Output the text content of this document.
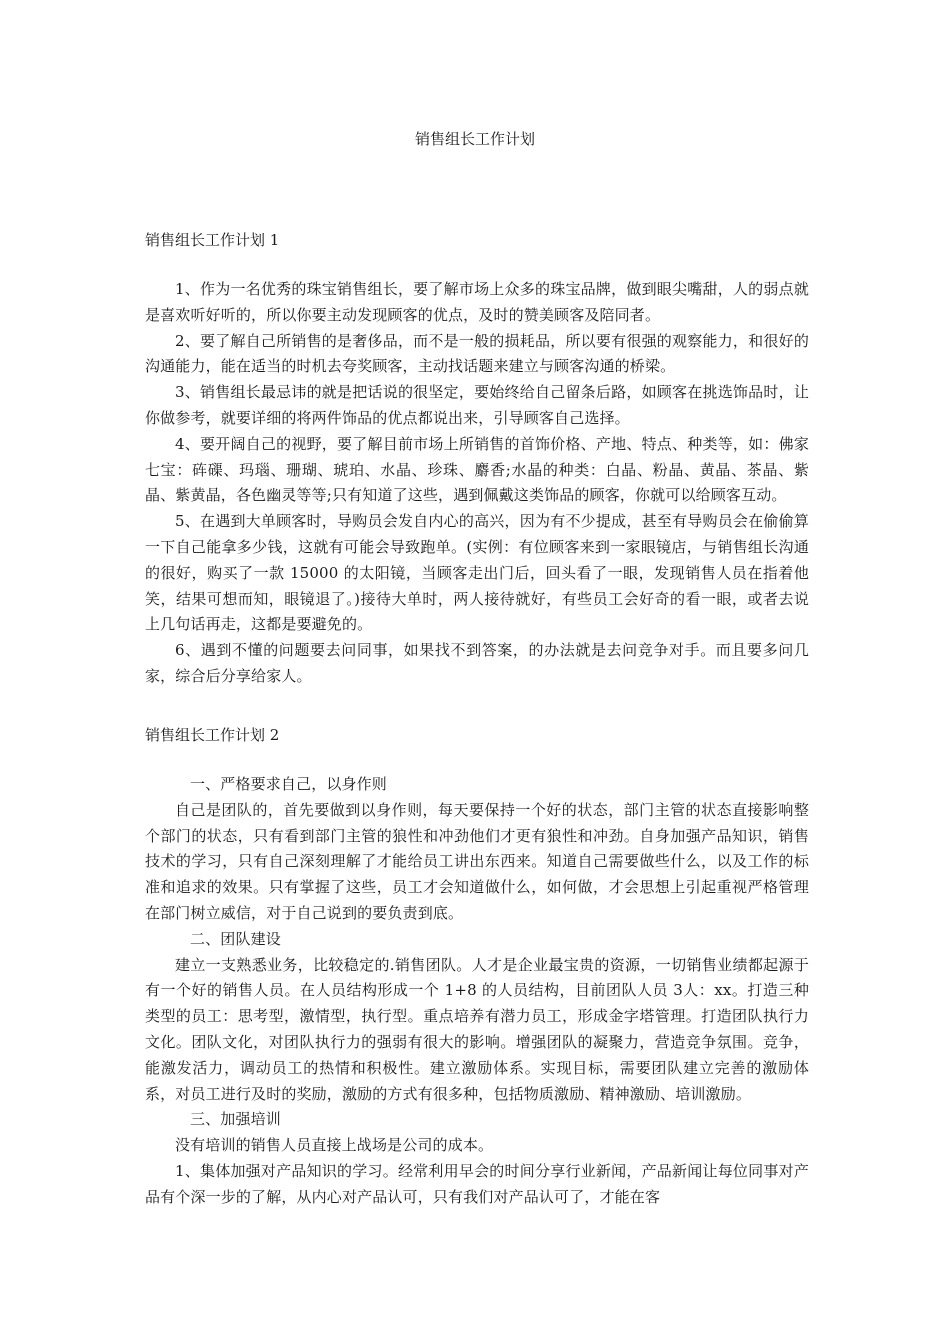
销售组长工作计划
销售组长工作计划 1

1、作为一名优秀的珠宝销售组长，要了解市场上众多的珠宝品牌，做到眼尖嘴甜，人的弱点就是喜欢听好听的，所以你要主动发现顾客的优点，及时的赞美顾客及陪同者。

2、要了解自己所销售的是奢侈品，而不是一般的损耗品，所以要有很强的观察能力，和很好的沟通能力，能在适当的时机去夸奖顾客，主动找话题来建立与顾客沟通的桥梁。

3、销售组长最忌讳的就是把话说的很坚定，要始终给自己留条后路，如顾客在挑选饰品时，让你做参考，就要详细的将两件饰品的优点都说出来，引导顾客自己选择。

4、要开阔自己的视野，要了解目前市场上所销售的首饰价格、产地、特点、种类等，如：佛家七宝：砗磲、玛瑙、珊瑚、琥珀、水晶、珍珠、麝香;水晶的种类：白晶、粉晶、黄晶、茶晶、紫晶、紫黄晶，各色幽灵等等;只有知道了这些，遇到佩戴这类饰品的顾客，你就可以给顾客互动。

5、在遇到大单顾客时，导购员会发自内心的高兴，因为有不少提成，甚至有导购员会在偷偷算一下自己能拿多少钱，这就有可能会导致跑单。(实例：有位顾客来到一家眼镜店，与销售组长沟通的很好，购买了一款 15000 的太阳镜，当顾客走出门后，回头看了一眼，发现销售人员在指着他笑，结果可想而知，眼镜退了。)接待大单时，两人接待就好，有些员工会好奇的看一眼，或者去说上几句话再走，这都是要避免的。

6、遇到不懂的问题要去问同事，如果找不到答案，的办法就是去问竞争对手。而且要多问几家，综合后分享给家人。

销售组长工作计划 2

一、严格要求自己，以身作则

自己是团队的，首先要做到以身作则，每天要保持一个好的状态，部门主管的状态直接影响整个部门的状态，只有看到部门主管的狼性和冲劲他们才更有狼性和冲劲。自身加强产品知识，销售技术的学习，只有自己深刻理解了才能给员工讲出东西来。知道自己需要做些什么，以及工作的标准和追求的效果。只有掌握了这些，员工才会知道做什么，如何做，才会思想上引起重视严格管理在部门树立威信，对于自己说到的要负责到底。

二、团队建设

建立一支熟悉业务，比较稳定的.销售团队。人才是企业最宝贵的资源，一切销售业绩都起源于有一个好的销售人员。在人员结构形成一个 1+8 的人员结构，目前团队人员 3人：xx。打造三种类型的员工：思考型，激情型，执行型。重点培养有潜力员工，形成金字塔管理。打造团队执行力文化。团队文化，对团队执行力的强弱有很大的影响。增强团队的凝聚力，营造竞争氛围。竞争，能激发活力，调动员工的热情和积极性。建立激励体系。实现目标，需要团队建立完善的激励体系，对员工进行及时的奖励，激励的方式有很多种，包括物质激励、精神激励、培训激励。

三、加强培训

没有培训的销售人员直接上战场是公司的成本。

1、集体加强对产品知识的学习。经常利用早会的时间分享行业新闻，产品新闻让每位同事对产品有个深一步的了解，从内心对产品认可，只有我们对产品认可了，才能在客
